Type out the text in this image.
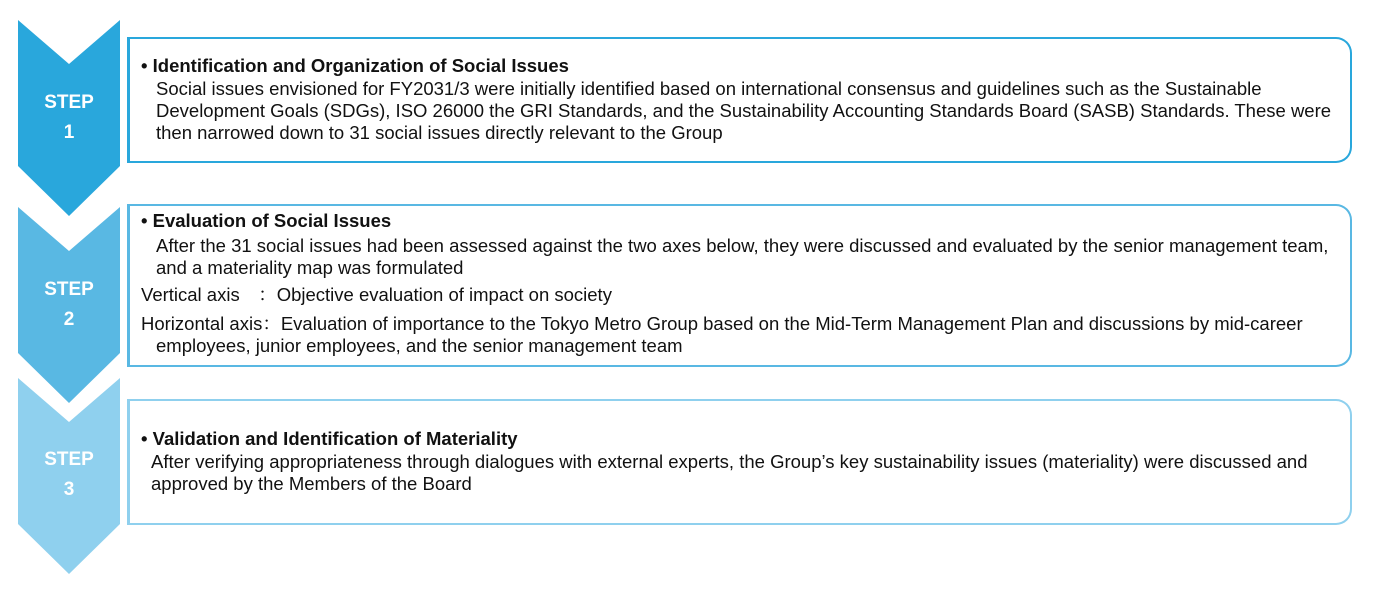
STEP
1
• Identification and Organization of Social Issues
Social issues envisioned for FY2031/3 were initially identified based on international consensus and guidelines such as the Sustainable Development Goals (SDGs), ISO 26000 the GRI Standards, and the Sustainability Accounting Standards Board (SASB) Standards. These were then narrowed down to 31 social issues directly relevant to the Group
STEP
2
• Evaluation of Social Issues
After the 31 social issues had been assessed against the two axes below, they were discussed and evaluated by the senior management team, and a materiality map was formulated
Vertical axis　： Objective evaluation of impact on society
Horizontal axis：Evaluation of importance to the Tokyo Metro Group based on the Mid-Term Management Plan and discussions by mid-career employees, junior employees, and the senior management team
STEP
3
• Validation and Identification of Materiality
After verifying appropriateness through dialogues with external experts, the Group’s key sustainability issues (materiality) were discussed and approved by the Members of the Board
